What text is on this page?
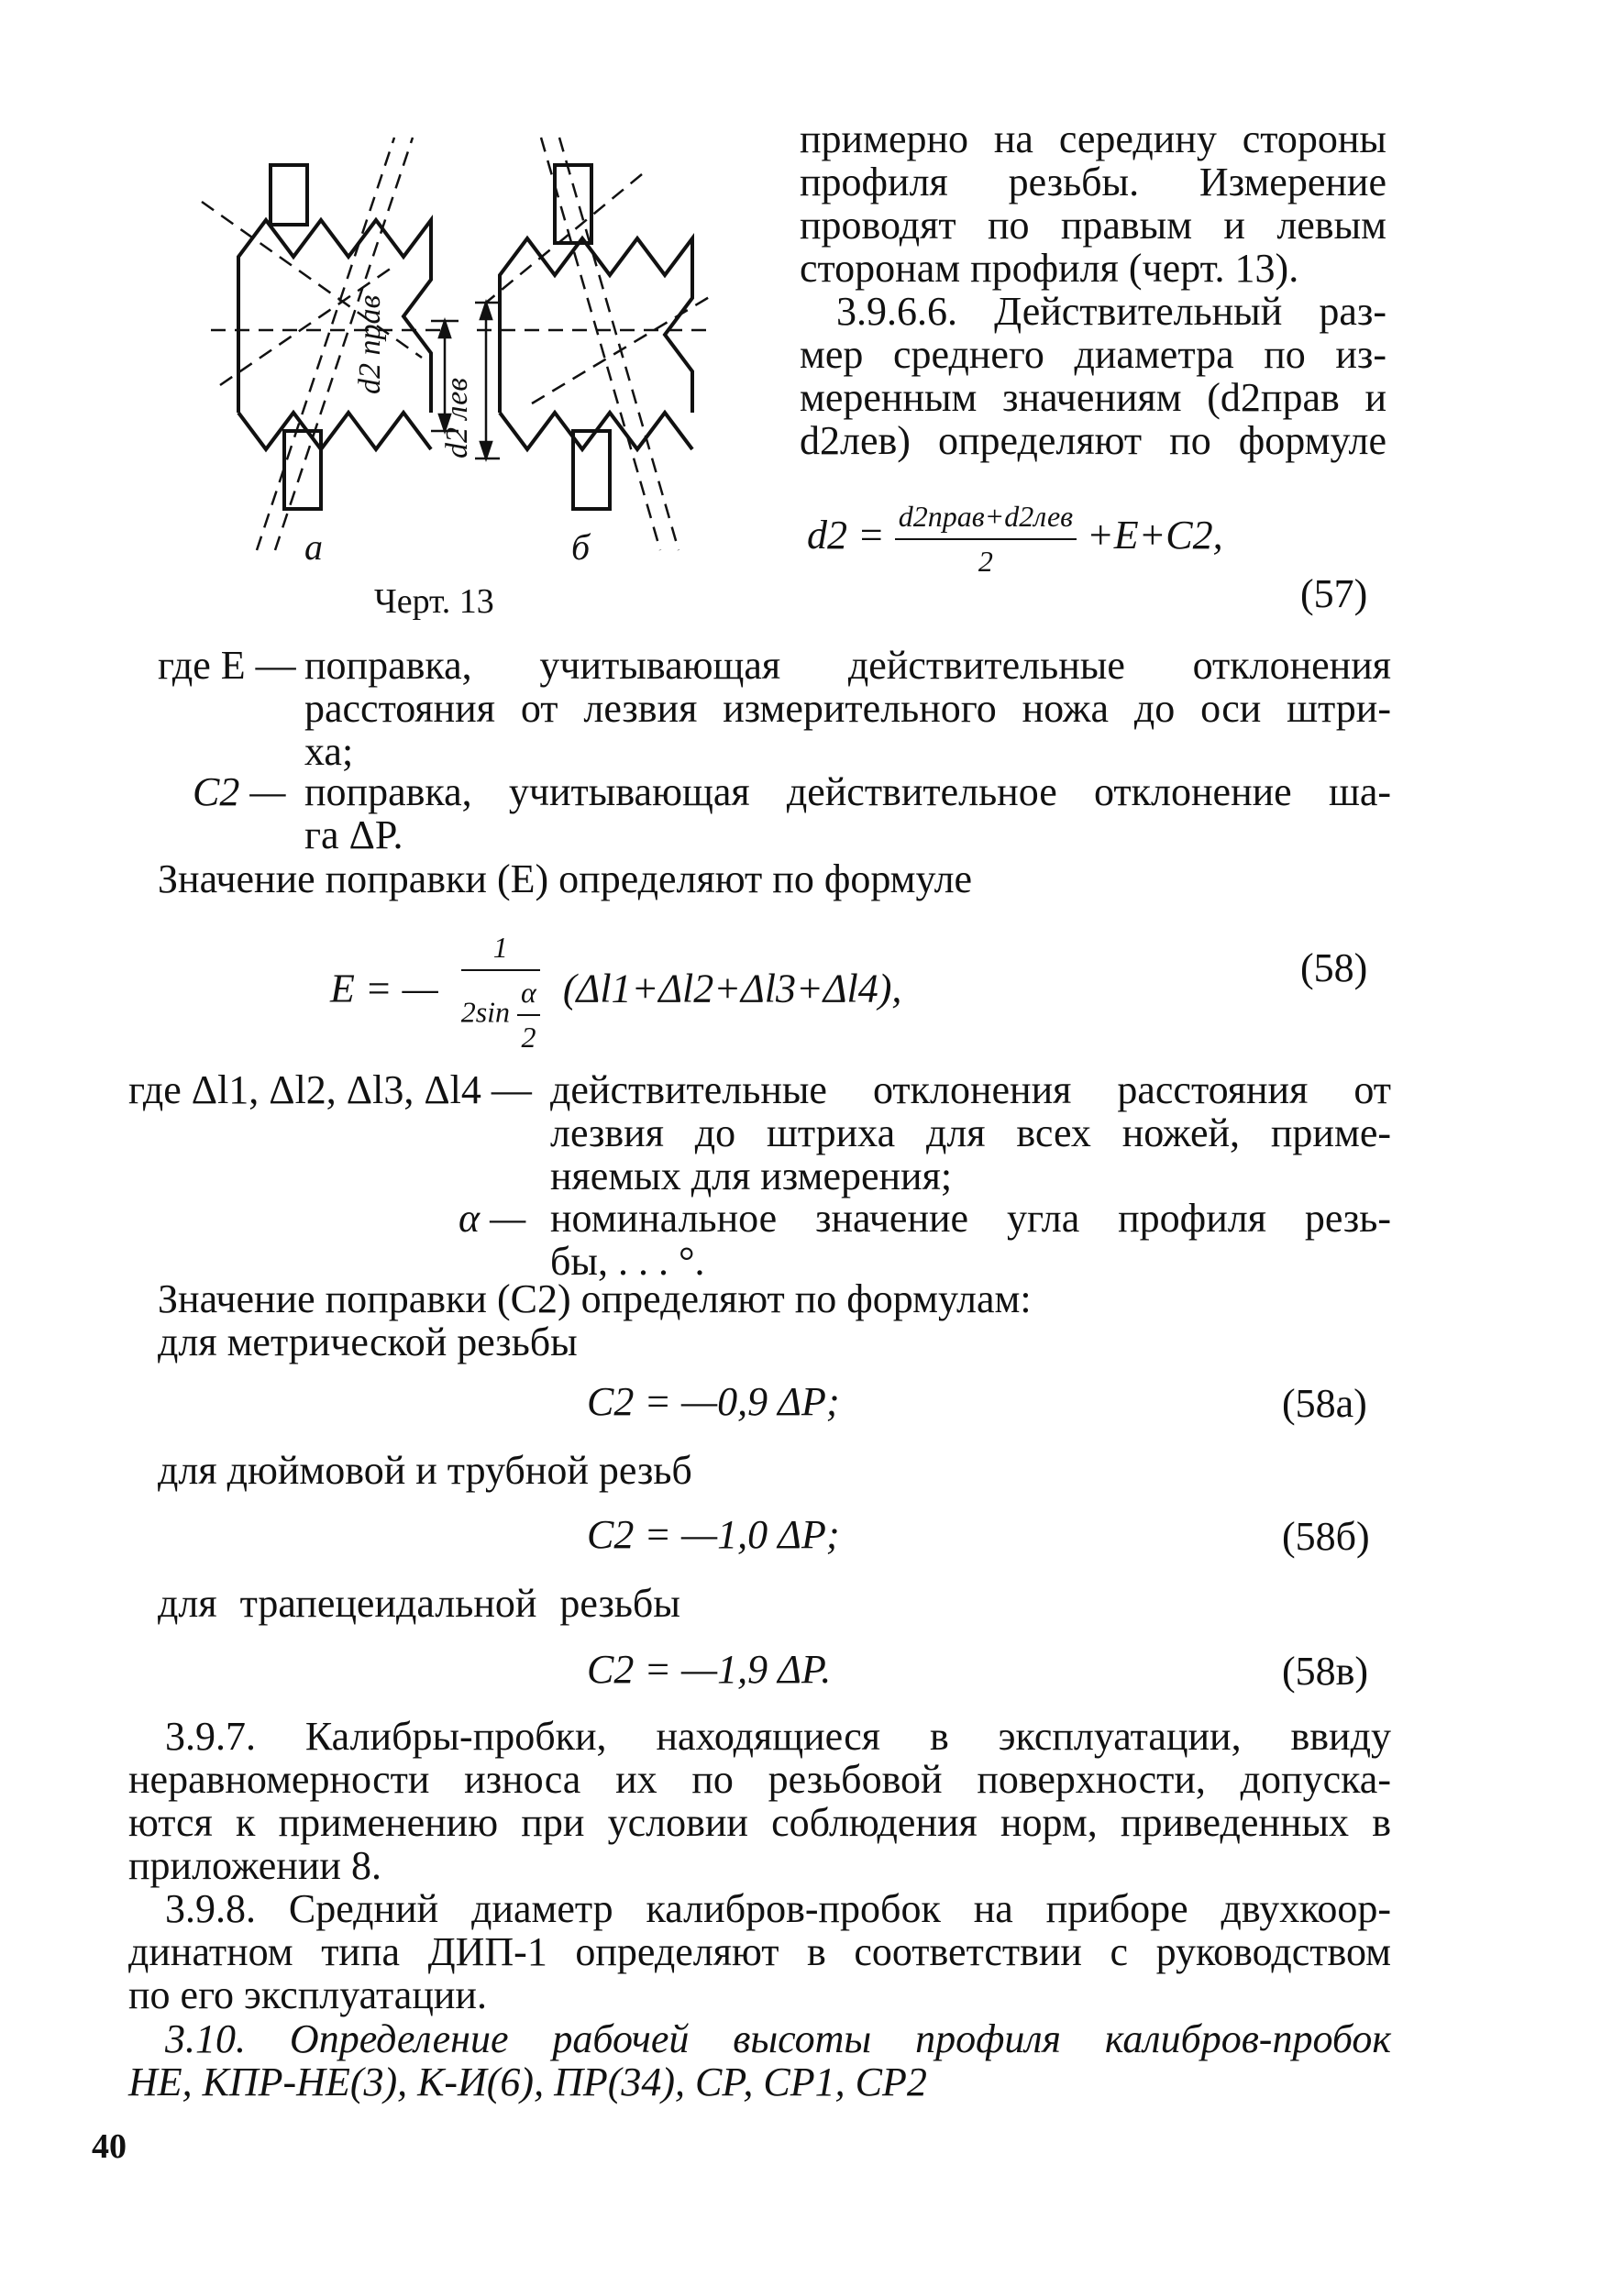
d2 прав
d2 лев
а	б
Черт. 13
примерно на середину стороны
профиля резьбы. Измерение
проводят по правым и левым
сторонам профиля (черт. 13).
3.9.6.6. Действительный раз-
мер среднего диаметра по из-
меренным значениям (d2прав и
d2лев) определяют по формуле
$d2 = \frac{\text{d2прав+d2лев}}{2} +E+C2$,
(57)
где E — поправка, учитывающая действительные отклонения
расстояния от лезвия измерительного ножа до оси штри-
ха;
C2 — поправка, учитывающая действительное отклонение ша-
га ΔP.
Значение поправки (E) определяют по формуле
E = — $\frac{1}{2\sin \frac{\alpha}{2}} (\Delta l1+\Delta l2+\Delta l3+\Delta l4)$,	(58)
где Δl1, Δl2, Δl3, Δl4 — действительные отклонения расстояния от
лезвия до штриха для всех ножей, приме-
няемых для измерения;
α — номинальное значение угла профиля резь-
бы, . . . °.
Значение поправки (C2) определяют по формулам:
для метрической резьбы
C2 = —0,9 ΔP;	(58а)
для дюймовой и трубной резьб
C2 = —1,0 ΔP;	(58б)
для трапецеидальной резьбы
C2 = —1,9 ΔP.	(58в)
3.9.7. Калибры-пробки, находящиеся в эксплуатации, ввиду
неравномерности износа их по резьбовой поверхности, допуска-
ются к применению при условии соблюдения норм, приведенных в
приложении 8.
3.9.8. Средний диаметр калибров-пробок на приборе двухкоор-
динатном типа ДИП-1 определяют в соответствии с руководством
по его эксплуатации.
3.10. Определение рабочей высоты профиля калибров-пробок
НЕ, КПР-НЕ(3), К-И(6), ПР(34), СР, СР1, СР2
40
